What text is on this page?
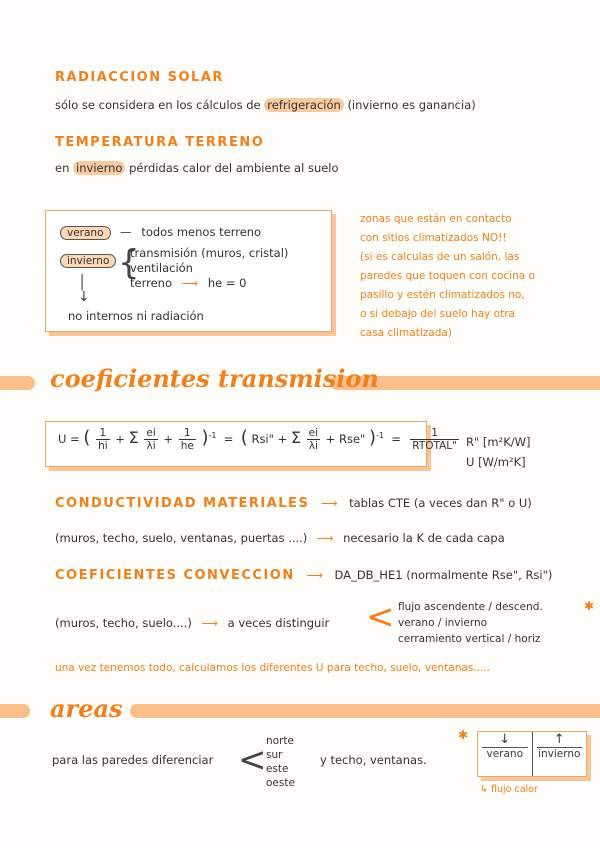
RADIACCION SOLAR
sólo se considera en los cálculos de refrigeración (invierno es ganancia)
TEMPERATURA TERRENO
en invierno pérdidas calor del ambiente al suelo
verano — todos menos terreno
invierno {
transmisión (muros, cristal)
ventilación
terreno ⟶ he = 0
│
↓
no internos ni radiación
zonas que están en contacto
con sitios climatizados NO!!
(si es calculas de un salón, las
paredes que toquen con cocina o
pasillo y estén climatizados no,
o si debajo del suelo hay otra
casa climatizada)
coeficientes transmision
U = ( $\frac{1}{hi} + \Sigma \frac{ei}{\lambda i} + \frac{1}{he} )^{-1}$  =  ( Rsi" + Σ $\frac{ei}{\lambda i}$ + Rse" )$^{-1} = \frac{1}{\text{RTOTAL"}} R$" [m²K/W]
U [W/m²K]
CONDUCTIVIDAD MATERIALES ⟶ tablas CTE (a veces dan R" o U)
(muros, techo, suelo, ventanas, puertas ....) ⟶ necesario la K de cada capa
COEFICIENTES CONVECCION ⟶ DA_DB_HE1 (normalmente Rse", Rsi")
(muros, techo, suelo....) ⟶ a veces distinguir < flujo ascendente / descend.
verano / invierno
cerramiento vertical / horiz
✱
una vez tenemos todo, calculamos los diferentes U para techo, suelo, ventanas.....
areas
para las paredes diferenciar < norte
sur
este
oeste
y techo, ventanas.
✱	↓
verano
↑
invierno
↳ flujo calor
